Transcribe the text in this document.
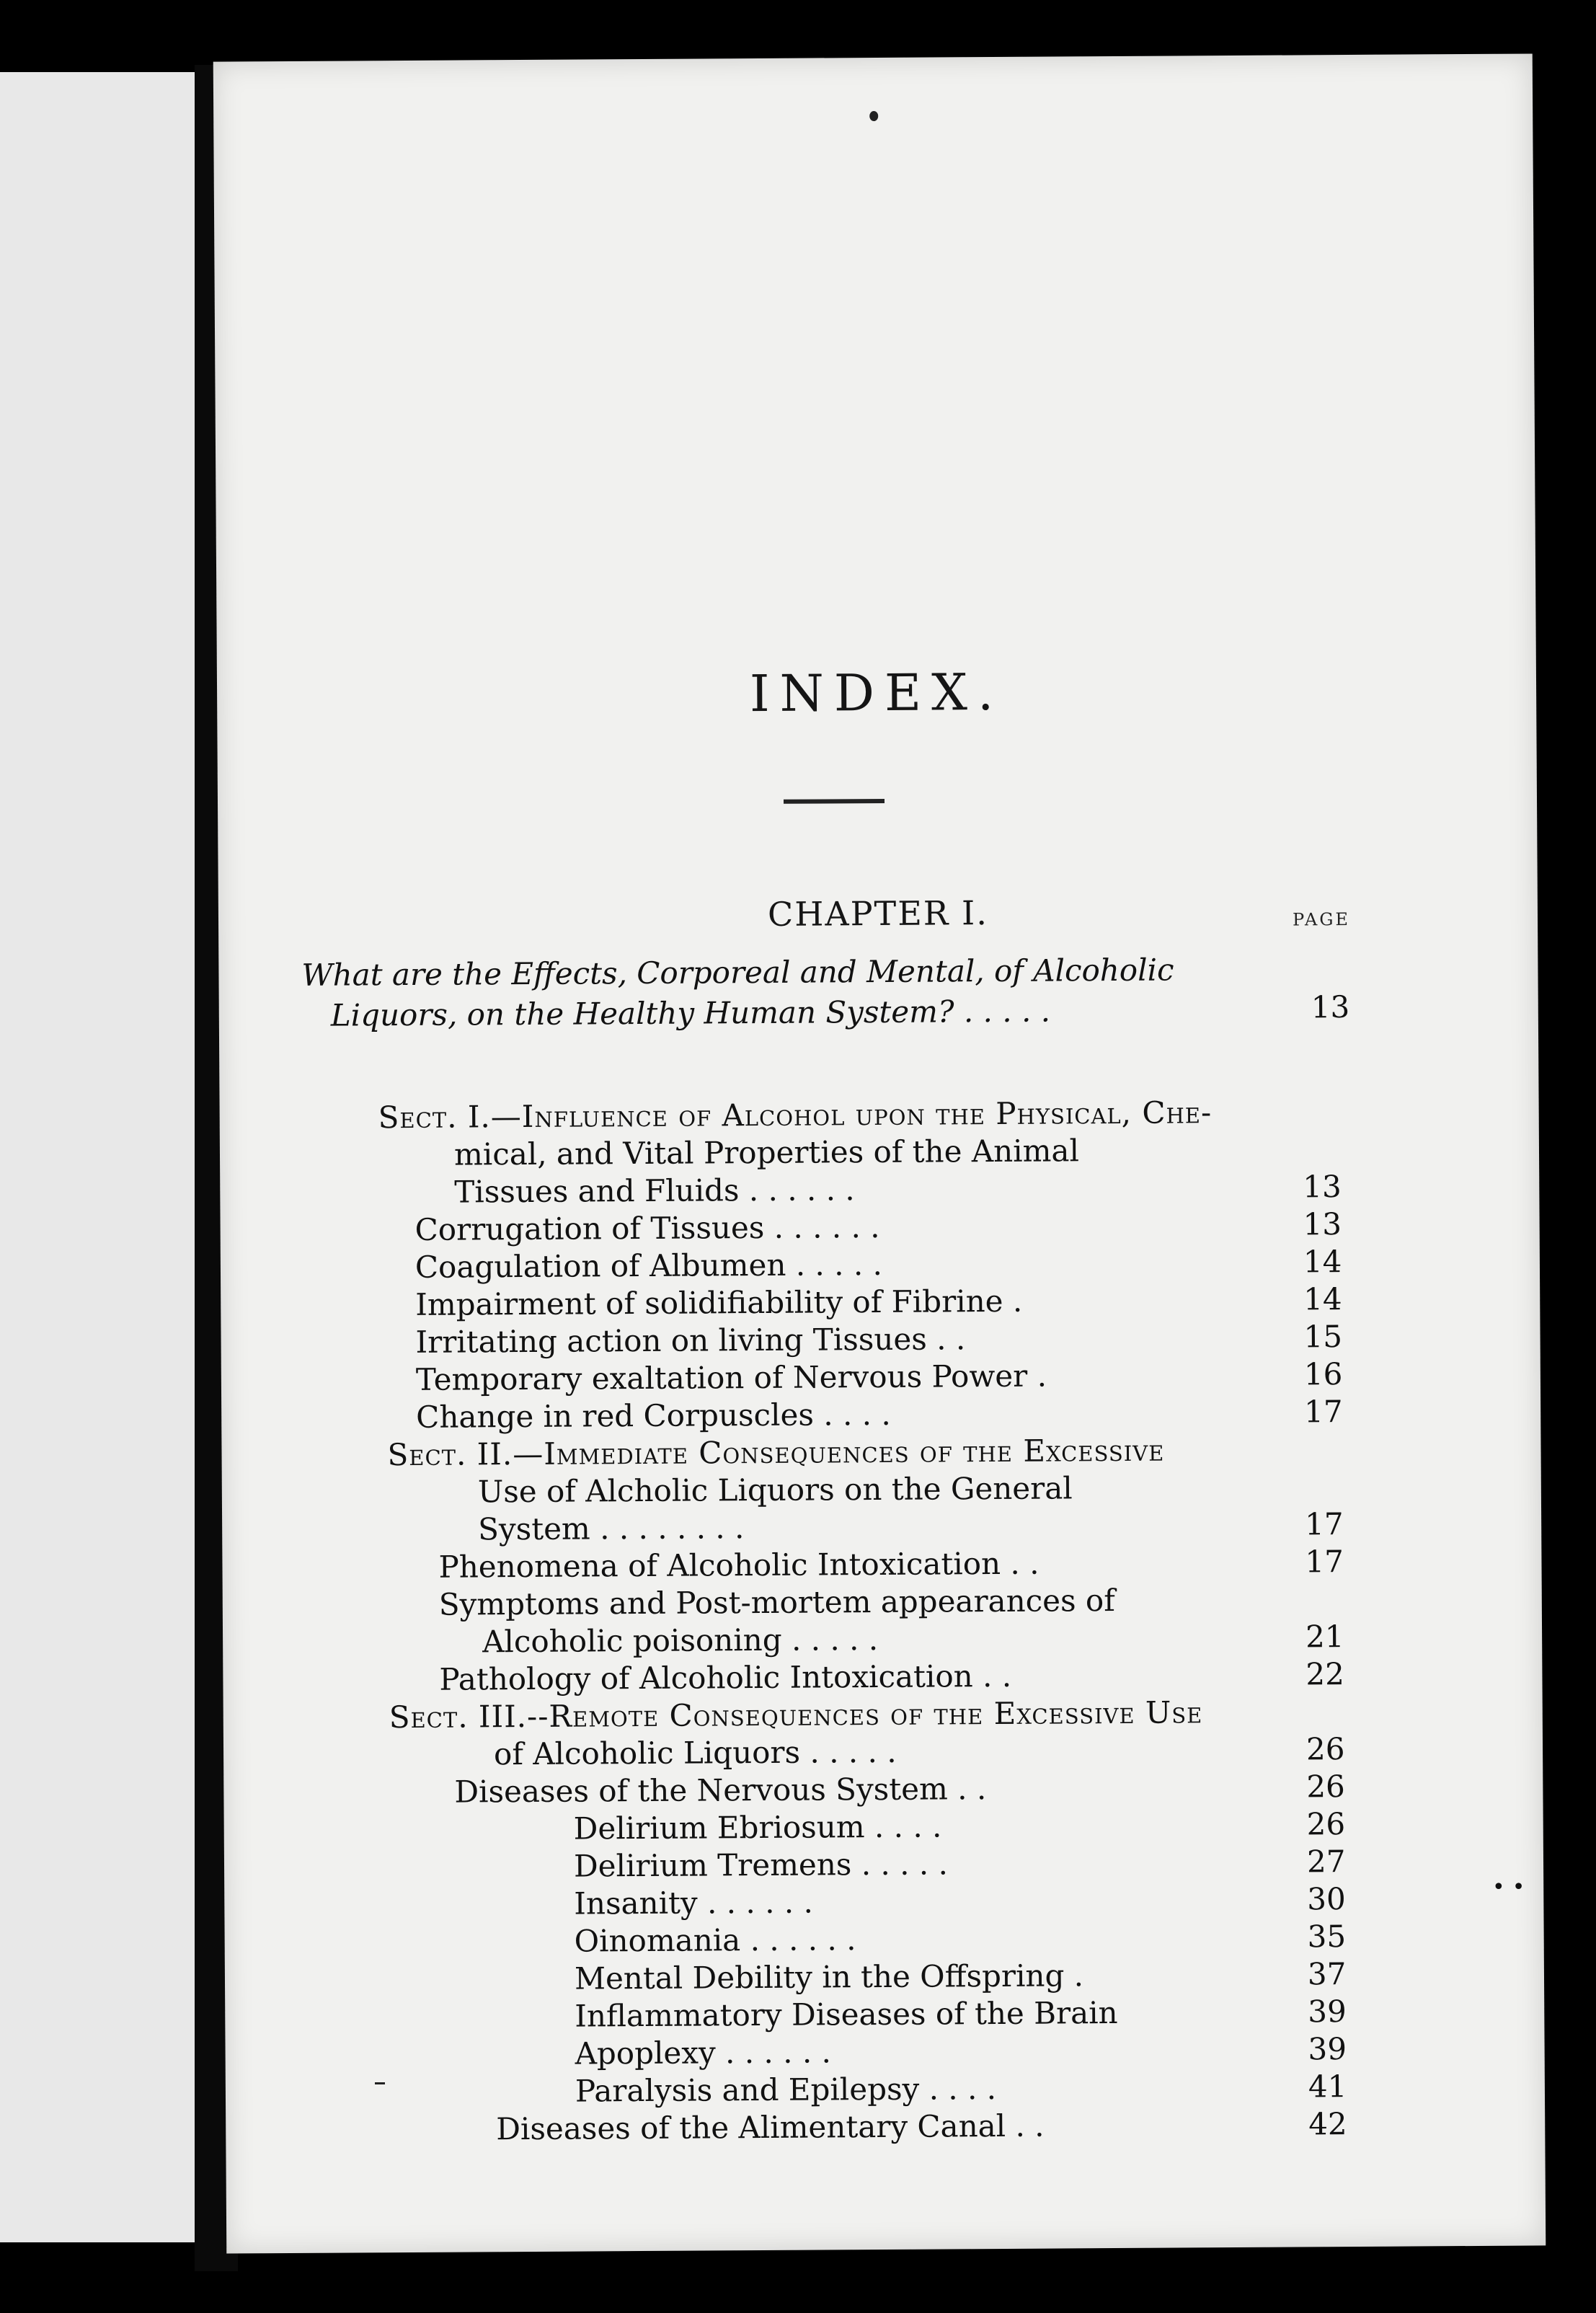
INDEX.
CHAPTER I.	PAGE
What are the Effects, Corporeal and Mental, of Alcoholic
Liquors, on the Healthy Human System? . . . . .	13
Sect. I.—Influence of Alcohol upon the Physical, Che-
mical, and Vital Properties of the Animal
Tissues and Fluids . . . . . .	13
Corrugation of Tissues . . . . . .	13
Coagulation of Albumen . . . . .	14
Impairment of solidifiability of Fibrine .	14
Irritating action on living Tissues . .	15
Temporary exaltation of Nervous Power .	16
Change in red Corpuscles . . . .	17
Sect. II.—Immediate Consequences of the Excessive
Use of Alcholic Liquors on the General
System . . . . . . . .	17
Phenomena of Alcoholic Intoxication . .	17
Symptoms and Post-mortem appearances of
Alcoholic poisoning . . . . .	21
Pathology of Alcoholic Intoxication . .	22
Sect. III.--Remote Consequences of the Excessive Use
of Alcoholic Liquors . . . . .	26
Diseases of the Nervous System . .	26
Delirium Ebriosum . . . .	26
Delirium Tremens . . . . .	27
Insanity . . . . . .	30
Oinomania . . . . . .	35
Mental Debility in the Offspring .	37
Inflammatory Diseases of the Brain	39
Apoplexy . . . . . .	39
Paralysis and Epilepsy . . . .	41
Diseases of the Alimentary Canal . .	42
••
